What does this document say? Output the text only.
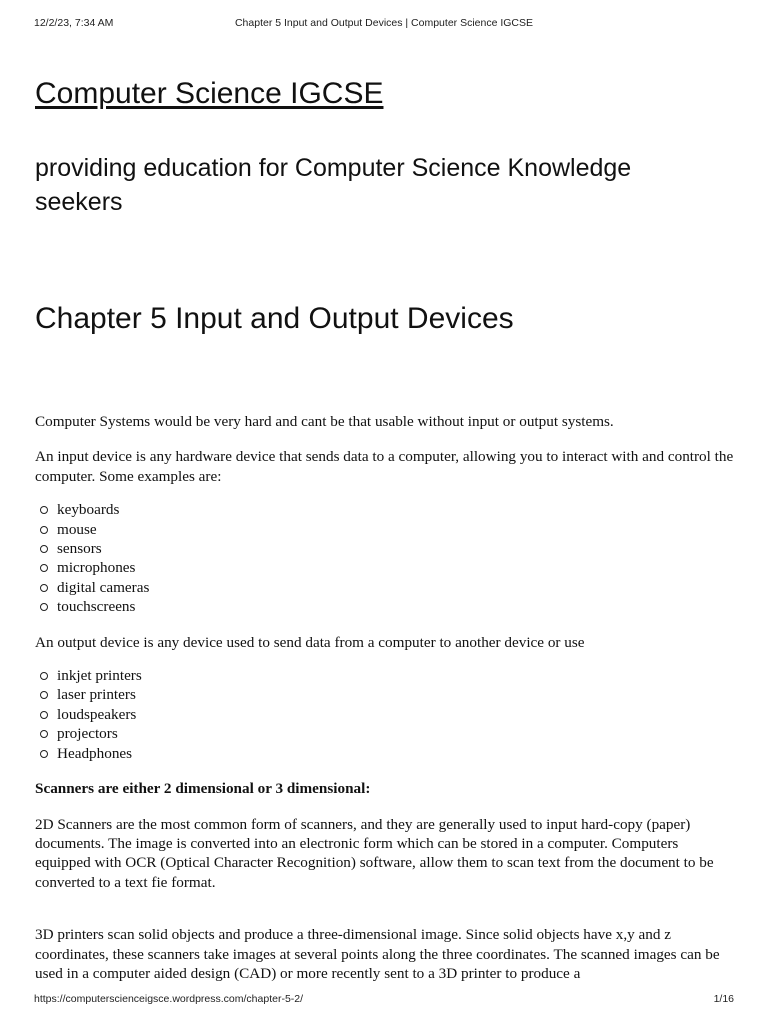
12/2/23, 7:34 AM	Chapter 5 Input and Output Devices | Computer Science IGCSE
Computer Science IGCSE

providing education for Computer Science Knowledge seekers

Chapter 5 Input and Output Devices

Computer Systems would be very hard and cant be that usable without input or output systems.

An input device is any hardware device that sends data to a computer, allowing you to interact with and control the computer. Some examples are:

keyboards
mouse
sensors
microphones
digital cameras
touchscreens

An output device is any device used to send data from a computer to another device or use

inkjet printers
laser printers
loudspeakers
projectors
Headphones

Scanners are either 2 dimensional or 3 dimensional:

2D Scanners are the most common form of scanners, and they are generally used to input hard-copy (paper) documents. The image is converted into an electronic form which can be stored in a computer. Computers equipped with OCR (Optical Character Recognition) software, allow them to scan text from the document to be converted to a text fie format.

3D printers scan solid objects and produce a three-dimensional image. Since solid objects have x,y and z coordinates, these scanners take images at several points along the three coordinates. The scanned images can be used in a computer aided design (CAD) or more recently sent to a 3D printer to produce a

https://computerscienceigsce.wordpress.com/chapter-5-2/	1/16
